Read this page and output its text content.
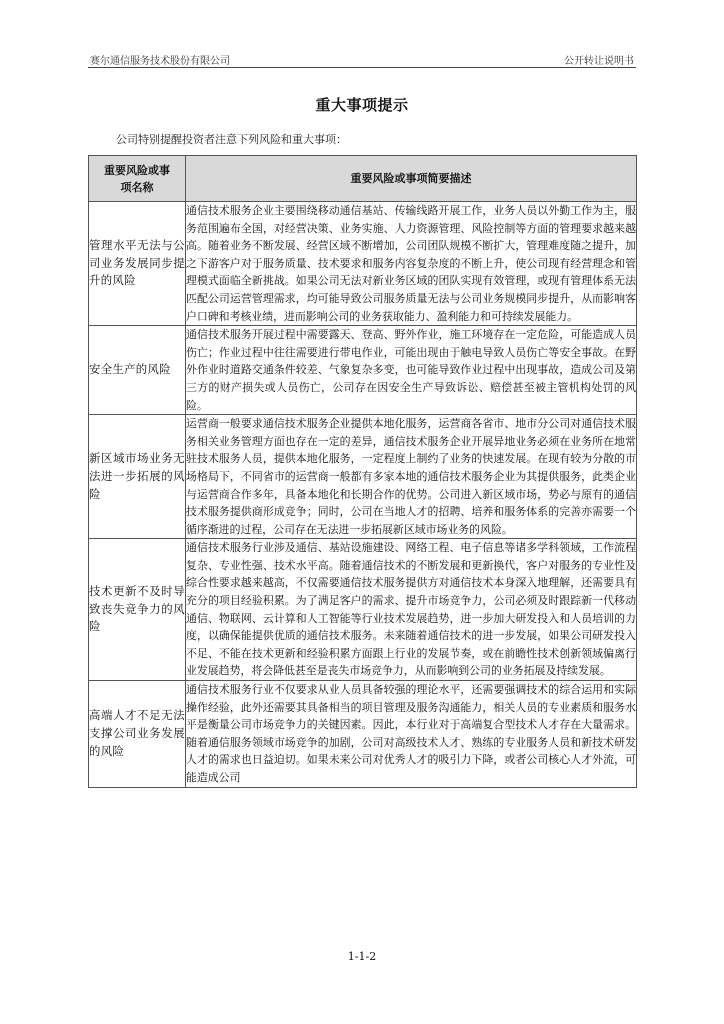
赛尔通信服务技术股份有限公司	公开转让说明书
重大事项提示
公司特别提醒投资者注意下列风险和重大事项：
重要风险或事项名称	重要风险或事项简要描述
管理水平无法与公司业务发展同步提升的风险	通信技术服务企业主要围绕移动通信基站、传输线路开展工作，业务人员以外勤工作为主，服务范围遍布全国，对经营决策、业务实施、人力资源管理、风险控制等方面的管理要求越来越高。随着业务不断发展、经营区域不断增加，公司团队规模不断扩大，管理难度随之提升，加之下游客户对于服务质量、技术要求和服务内容复杂度的不断上升，使公司现有经营理念和管理模式面临全新挑战。如果公司无法对新业务区域的团队实现有效管理，或现有管理体系无法匹配公司运营管理需求，均可能导致公司服务质量无法与公司业务规模同步提升，从而影响客户口碑和考核业绩，进而影响公司的业务获取能力、盈利能力和可持续发展能力。
安全生产的风险	通信技术服务开展过程中需要露天、登高、野外作业，施工环境存在一定危险，可能造成人员伤亡；作业过程中往往需要进行带电作业，可能出现由于触电导致人员伤亡等安全事故。在野外作业时道路交通条件较差、气象复杂多变，也可能导致作业过程中出现事故，造成公司及第三方的财产损失或人员伤亡，公司存在因安全生产导致诉讼、赔偿甚至被主管机构处罚的风险。
新区域市场业务无法进一步拓展的风险	运营商一般要求通信技术服务企业提供本地化服务，运营商各省市、地市分公司对通信技术服务相关业务管理方面也存在一定的差异，通信技术服务企业开展异地业务必须在业务所在地常驻技术服务人员，提供本地化服务，一定程度上制约了业务的快速发展。在现有较为分散的市场格局下，不同省市的运营商一般都有多家本地的通信技术服务企业为其提供服务，此类企业与运营商合作多年，具备本地化和长期合作的优势。公司进入新区域市场，势必与原有的通信技术服务提供商形成竞争；同时，公司在当地人才的招聘、培养和服务体系的完善亦需要一个循序渐进的过程，公司存在无法进一步拓展新区域市场业务的风险。
技术更新不及时导致丧失竞争力的风险	通信技术服务行业涉及通信、基站设施建设、网络工程、电子信息等诸多学科领域，工作流程复杂、专业性强、技术水平高。随着通信技术的不断发展和更新换代，客户对服务的专业性及综合性要求越来越高，不仅需要通信技术服务提供方对通信技术本身深入地理解，还需要具有充分的项目经验积累。为了满足客户的需求、提升市场竞争力，公司必须及时跟踪新一代移动通信、物联网、云计算和人工智能等行业技术发展趋势，进一步加大研发投入和人员培训的力度，以确保能提供优质的通信技术服务。未来随着通信技术的进一步发展，如果公司研发投入不足、不能在技术更新和经验积累方面跟上行业的发展节奏，或在前瞻性技术创新领域偏离行业发展趋势，将会降低甚至是丧失市场竞争力，从而影响到公司的业务拓展及持续发展。
高端人才不足无法支撑公司业务发展的风险	通信技术服务行业不仅要求从业人员具备较强的理论水平，还需要强调技术的综合运用和实际操作经验，此外还需要其具备相当的项目管理及服务沟通能力，相关人员的专业素质和服务水平是衡量公司市场竞争力的关键因素。因此，本行业对于高端复合型技术人才存在大量需求。随着通信服务领域市场竞争的加剧，公司对高级技术人才、熟练的专业服务人员和新技术研发人才的需求也日益迫切。如果未来公司对优秀人才的吸引力下降，或者公司核心人才外流，可能造成公司
1-1-2
